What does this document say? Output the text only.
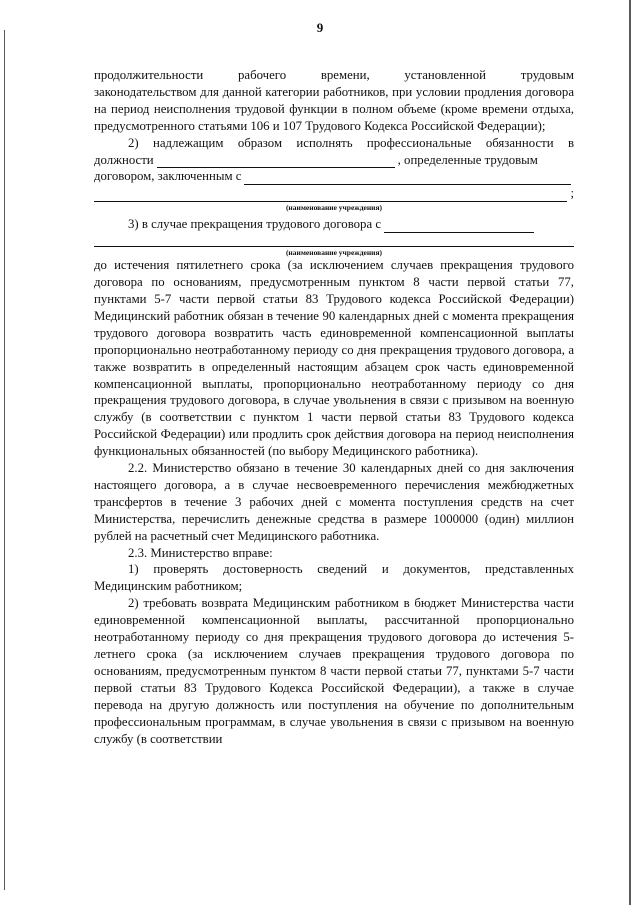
9

продолжительности рабочего времени, установленной трудовым

законодательством для данной категории работников, при условии продления договора на период неисполнения трудовой функции в полном объеме (кроме времени отдыха, предусмотренного статьями 106 и 107 Трудового Кодекса Российской Федерации);

2) надлежащим образом исполнять профессиональные обязанности в

должности	, определенные трудовым
договором, заключенным с
;
(наименование учреждения)
3) в случае прекращения трудового договора с
(наименование учреждения)

до истечения пятилетнего срока (за исключением случаев прекращения трудового договора по основаниям, предусмотренным пунктом 8 части первой статьи 77, пунктами 5-7 части первой статьи 83 Трудового кодекса Российской Федерации) Медицинский работник обязан в течение 90 календарных дней с момента прекращения трудового договора возвратить часть единовременной компенсационной выплаты пропорционально неотработанному периоду со дня прекращения трудового договора, а также возвратить в определенный настоящим абзацем срок часть единовременной компенсационной выплаты, пропорционально неотработанному периоду со дня прекращения трудового договора, в случае увольнения в связи с призывом на военную службу (в соответствии с пунктом 1 части первой статьи 83 Трудового кодекса Российской Федерации) или продлить срок действия договора на период неисполнения функциональных обязанностей (по выбору Медицинского работника).

2.2. Министерство обязано в течение 30 календарных дней со дня заключения настоящего договора, а в случае несвоевременного перечисления межбюджетных трансфертов в течение 3 рабочих дней с момента поступления средств на счет Министерства, перечислить денежные средства в размере 1000000 (один) миллион рублей на расчетный счет Медицинского работника.

2.3. Министерство вправе:

1) проверять достоверность сведений и документов, представленных Медицинским работником;

2) требовать возврата Медицинским работником в бюджет Министерства части единовременной компенсационной выплаты, рассчитанной пропорционально неотработанному периоду со дня прекращения трудового договора до истечения 5-летнего срока (за исключением случаев прекращения трудового договора по основаниям, предусмотренным пунктом 8 части первой статьи 77, пунктами 5-7 части первой статьи 83 Трудового Кодекса Российской Федерации), а также в случае перевода на другую должность или поступления на обучение по дополнительным профессиональным программам, в случае увольнения в связи с призывом на военную службу (в соответствии
